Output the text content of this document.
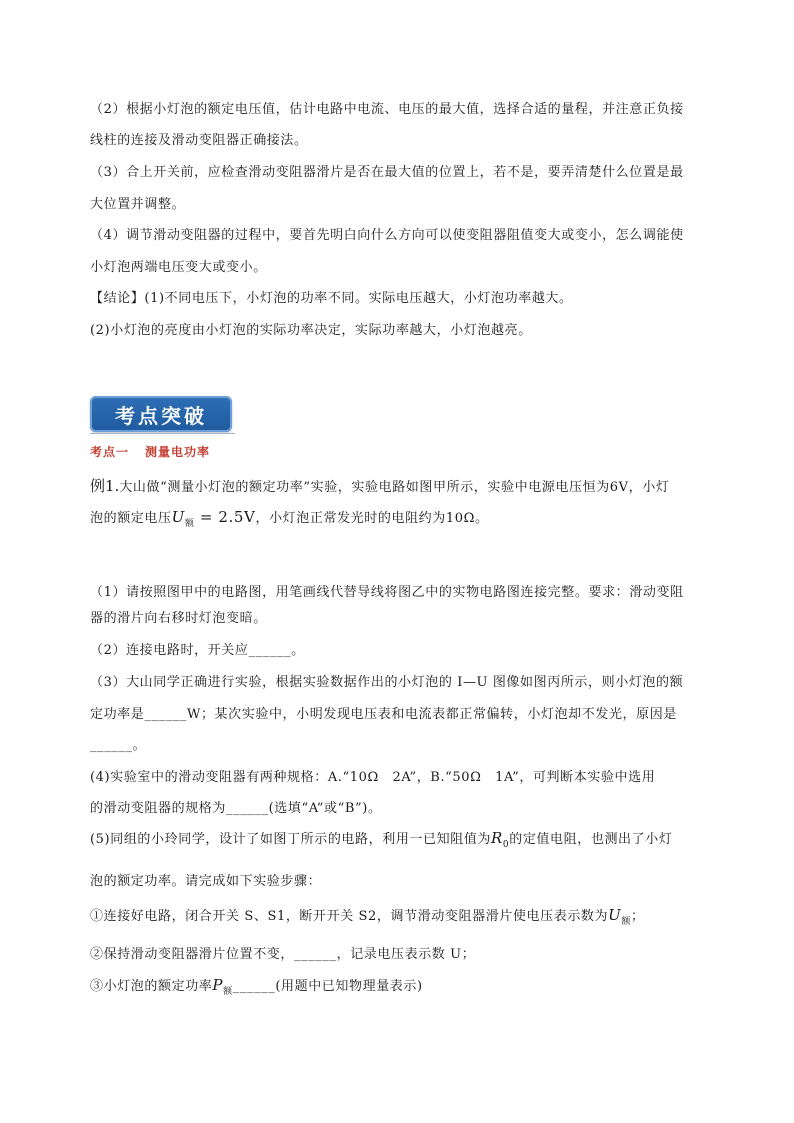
（2）根据小灯泡的额定电压值，估计电路中电流、电压的最大值，选择合适的量程，并注意正负接
线柱的连接及滑动变阻器正确接法。
（3）合上开关前，应检查滑动变阻器滑片是否在最大值的位置上，若不是，要弄清楚什么位置是最
大位置并调整。
（4）调节滑动变阻器的过程中，要首先明白向什么方向可以使变阻器阻值变大或变小，怎么调能使
小灯泡两端电压变大或变小。
【结论】(1)不同电压下，小灯泡的功率不同。实际电压越大，小灯泡功率越大。
(2)小灯泡的亮度由小灯泡的实际功率决定，实际功率越大，小灯泡越亮。
考点突破
考点一 测量电功率
例1.大山做“测量小灯泡的额定功率”实验，实验电路如图甲所示，实验中电源电压恒为6V，小灯
泡的额定电压$U_额 = 2.5V$，小灯泡正常发光时的电阻约为10Ω。
（1）请按照图甲中的电路图，用笔画线代替导线将图乙中的实物电路图连接完整。要求：滑动变阻
器的滑片向右移时灯泡变暗。
（2）连接电路时，开关应______。
（3）大山同学正确进行实验，根据实验数据作出的小灯泡的 I—U 图像如图丙所示，则小灯泡的额
定功率是______W；某次实验中，小明发现电压表和电流表都正常偏转，小灯泡却不发光，原因是
______。
(4)实验室中的滑动变阻器有两种规格：A.“10Ω　2A”，B.“50Ω　1A”，可判断本实验中选用
的滑动变阻器的规格为______(选填“A”或“B”)。
(5)同组的小玲同学，设计了如图丁所示的电路，利用一已知阻值为$R_0$的定值电阻，也测出了小灯
泡的额定功率。请完成如下实验步骤：
①连接好电路，闭合开关 S、S1，断开开关 S2，调节滑动变阻器滑片使电压表示数为$U_额$；
②保持滑动变阻器滑片位置不变，______，记录电压表示数 U；
③小灯泡的额定功率$P_额\_\_\_\_\_\_$(用题中已知物理量表示)
